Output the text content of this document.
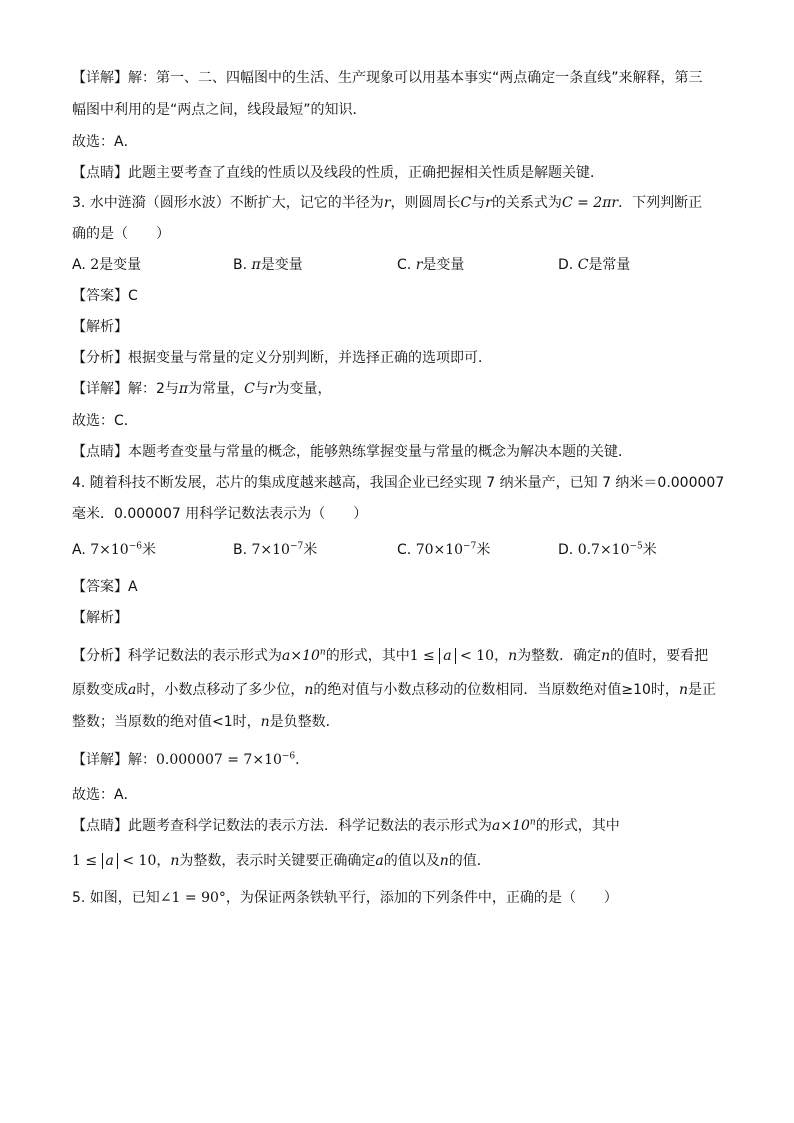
【详解】解：第一、二、四幅图中的生活、生产现象可以用基本事实“两点确定一条直线”来解释，第三
幅图中利用的是“两点之间，线段最短”的知识．
故选：A．
【点睛】此题主要考查了直线的性质以及线段的性质，正确把握相关性质是解题关键．
3. 水中涟漪（圆形水波）不断扩大，记它的半径为r，则圆周长C与r的关系式为C = 2πr．下列判断正
确的是（　　）
A. 2是变量	B. π是变量	C. r是变量	D. C是常量
【答案】C
【解析】
【分析】根据变量与常量的定义分别判断，并选择正确的选项即可．
【详解】解：2与π为常量，C与r为变量，
故选：C．
【点睛】本题考查变量与常量的概念，能够熟练掌握变量与常量的概念为解决本题的关键．
4. 随着科技不断发展，芯片的集成度越来越高，我国企业已经实现 7 纳米量产，已知 7 纳米＝0.000007
毫米．0.000007 用科学记数法表示为（　　）
A. $7\times 10^{-6}$米	B. $7\times 10^{-7}$米	C. $70\times 10^{-7}$米	D. $0.7\times 10^{-5}$米
【答案】A
【解析】
【分析】科学记数法的表示形式为$a\times 10^n$的形式，其中1 ≤ a < 10，n为整数．确定n的值时，要看把
原数变成a时，小数点移动了多少位，n的绝对值与小数点移动的位数相同．当原数绝对值≥10时，n是正
整数；当原数的绝对值<1时，n是负整数．
【详解】解：$0.000007 = 7\times 10^{-6}$．
故选：A．
【点睛】此题考查科学记数法的表示方法．科学记数法的表示形式为$a\times 10^n$的形式，其中
1 ≤ a < 10，n为整数，表示时关键要正确确定a的值以及n的值．
5. 如图，已知∠1 = 90°，为保证两条铁轨平行，添加的下列条件中，正确的是（　　）
